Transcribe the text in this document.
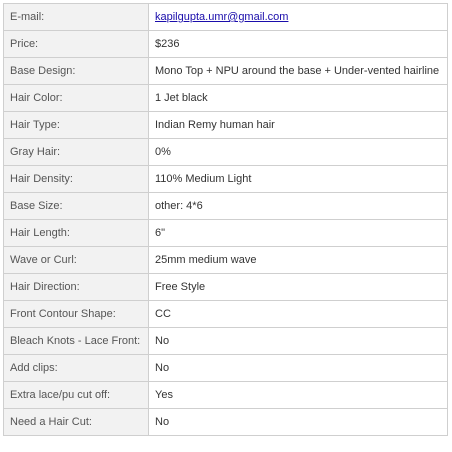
E-mail:	kapilgupta.umr@gmail.com
Price:	$236
Base Design:	Mono Top + NPU around the base + Under-vented hairline
Hair Color:	1 Jet black
Hair Type:	Indian Remy human hair
Gray Hair:	0%
Hair Density:	110% Medium Light
Base Size:	other: 4*6
Hair Length:	6"
Wave or Curl:	25mm medium wave
Hair Direction:	Free Style
Front Contour Shape:	CC
Bleach Knots - Lace Front:	No
Add clips:	No
Extra lace/pu cut off:	Yes
Need a Hair Cut:	No
